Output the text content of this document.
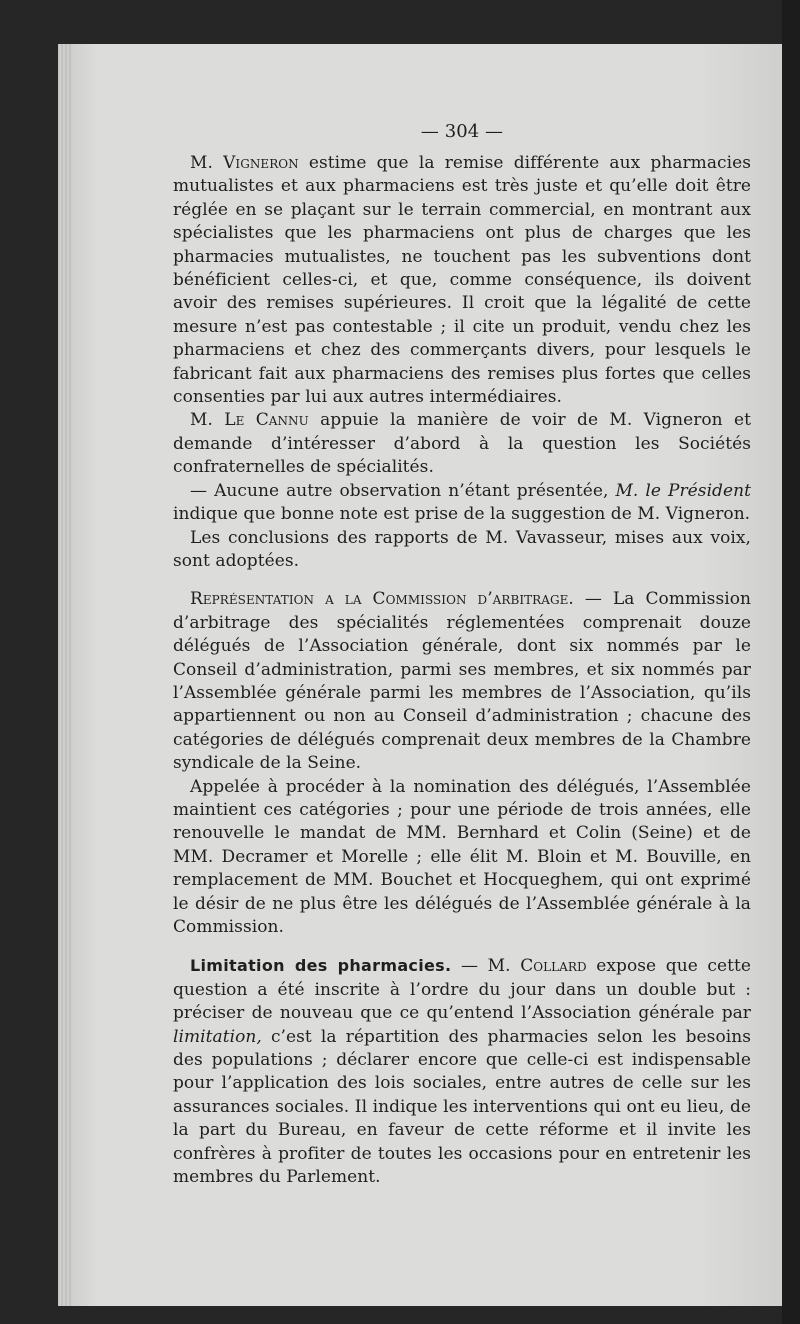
— 304 —

M. Vigneron estime que la remise différente aux pharmacies mutualistes et aux pharmaciens est très juste et qu’elle doit être réglée en se plaçant sur le terrain commercial, en montrant aux spécialistes que les pharmaciens ont plus de charges que les pharmacies mutualistes, ne touchent pas les subventions dont bénéficient celles-ci, et que, comme conséquence, ils doivent avoir des remises supérieures. Il croit que la légalité de cette mesure n’est pas contestable ; il cite un produit, vendu chez les pharmaciens et chez des commerçants divers, pour lesquels le fabricant fait aux pharmaciens des remises plus fortes que celles consenties par lui aux autres intermédiaires.

M. Le Cannu appuie la manière de voir de M. Vigneron et demande d’intéresser d’abord à la question les Sociétés confraternelles de spécialités.

— Aucune autre observation n’étant présentée, M. le Président indique que bonne note est prise de la suggestion de M. Vigneron.

Les conclusions des rapports de M. Vavasseur, mises aux voix, sont adoptées.

Représentation a la Commission d’arbitrage. — La Commission d’arbitrage des spécialités réglementées comprenait douze délégués de l’Association générale, dont six nommés par le Conseil d’administration, parmi ses membres, et six nommés par l’Assemblée générale parmi les membres de l’Association, qu’ils appartiennent ou non au Conseil d’administration ; chacune des catégories de délégués comprenait deux membres de la Chambre syndicale de la Seine.

Appelée à procéder à la nomination des délégués, l’Assemblée maintient ces catégories ; pour une période de trois années, elle renouvelle le mandat de MM. Bernhard et Colin (Seine) et de MM. Decramer et Morelle ; elle élit M. Bloin et M. Bouville, en remplacement de MM. Bouchet et Hocqueghem, qui ont exprimé le désir de ne plus être les délégués de l’Assemblée générale à la Commission.

Limitation des pharmacies. — M. Collard expose que cette question a été inscrite à l’ordre du jour dans un double but : préciser de nouveau que ce qu’entend l’Association générale par limitation, c’est la répartition des pharmacies selon les besoins des populations ; déclarer encore que celle-ci est indispensable pour l’application des lois sociales, entre autres de celle sur les assurances sociales. Il indique les interventions qui ont eu lieu, de la part du Bureau, en faveur de cette réforme et il invite les confrères à profiter de toutes les occasions pour en entretenir les membres du Parlement.
